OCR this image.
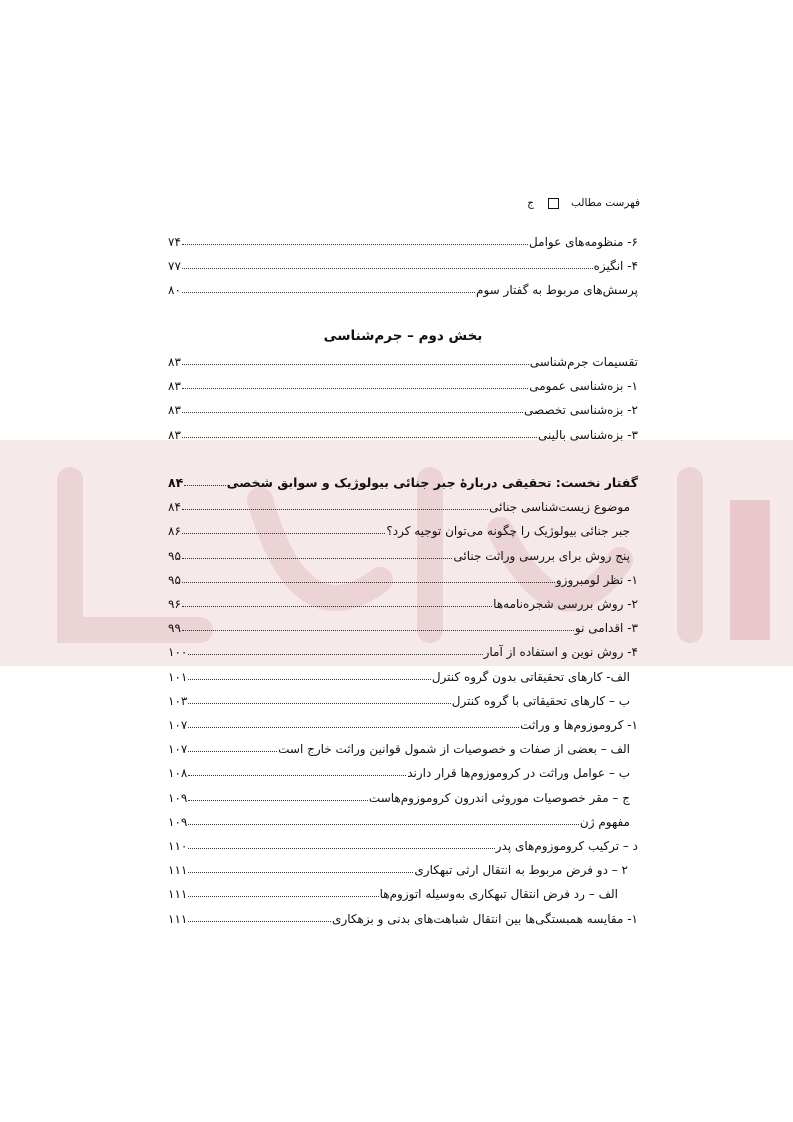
فهرست مطالب
ج
بخش دوم – جرم‌شناسی
۶- منظومه‌های عوامل
۷۴
۴- انگیزه
۷۷
پرسش‌های مربوط به گفتار سوم
۸۰
تقسیمات جرم‌شناسی
۸۳
۱- بزه‌شناسی عمومی
۸۳
۲- بزه‌شناسی تخصصی
۸۳
۳- بزه‌شناسی بالینی
۸۳
گفتار نخست: تحقیقی دربارهٔ جبر جنائی بیولوژیک و سوابق شخصی
۸۴
موضوع زیست‌شناسی جنائی
۸۴
جبر جنائی بیولوژیک را چگونه می‌توان توجیه کرد؟
۸۶
پنج روش برای بررسی وراثت جنائی
۹۵
۱- نظر لومبروزو
۹۵
۲- روش بررسی شجره‌نامه‌ها
۹۶
۳- اقدامی نو
۹۹
۴- روش نوین و استفاده از آمار
۱۰۰
الف- کارهای تحقیقاتی بدون گروه کنترل
۱۰۱
ب – کارهای تحقیقاتی با گروه کنترل
۱۰۳
۱- کروموزوم‌ها و وراثت
۱۰۷
الف – بعضی از صفات و خصوصیات از شمول قوانین وراثت خارج است
۱۰۷
ب – عوامل وراثت در کروموزوم‌ها قرار دارند
۱۰۸
ج – مقر خصوصیات موروثی اندرون کروموزوم‌هاست
۱۰۹
مفهوم ژن
۱۰۹
د – ترکیب کروموزوم‌های پدر
۱۱۰
۲ – دو فرض مربوط به انتقال ارثی تبهکاری
۱۱۱
الف – رد فرض انتقال تبهکاری به‌وسیله اتوزوم‌ها
۱۱۱
۱- مقایسه همبستگی‌ها بین انتقال شباهت‌های بدنی و بزهکاری
۱۱۱
